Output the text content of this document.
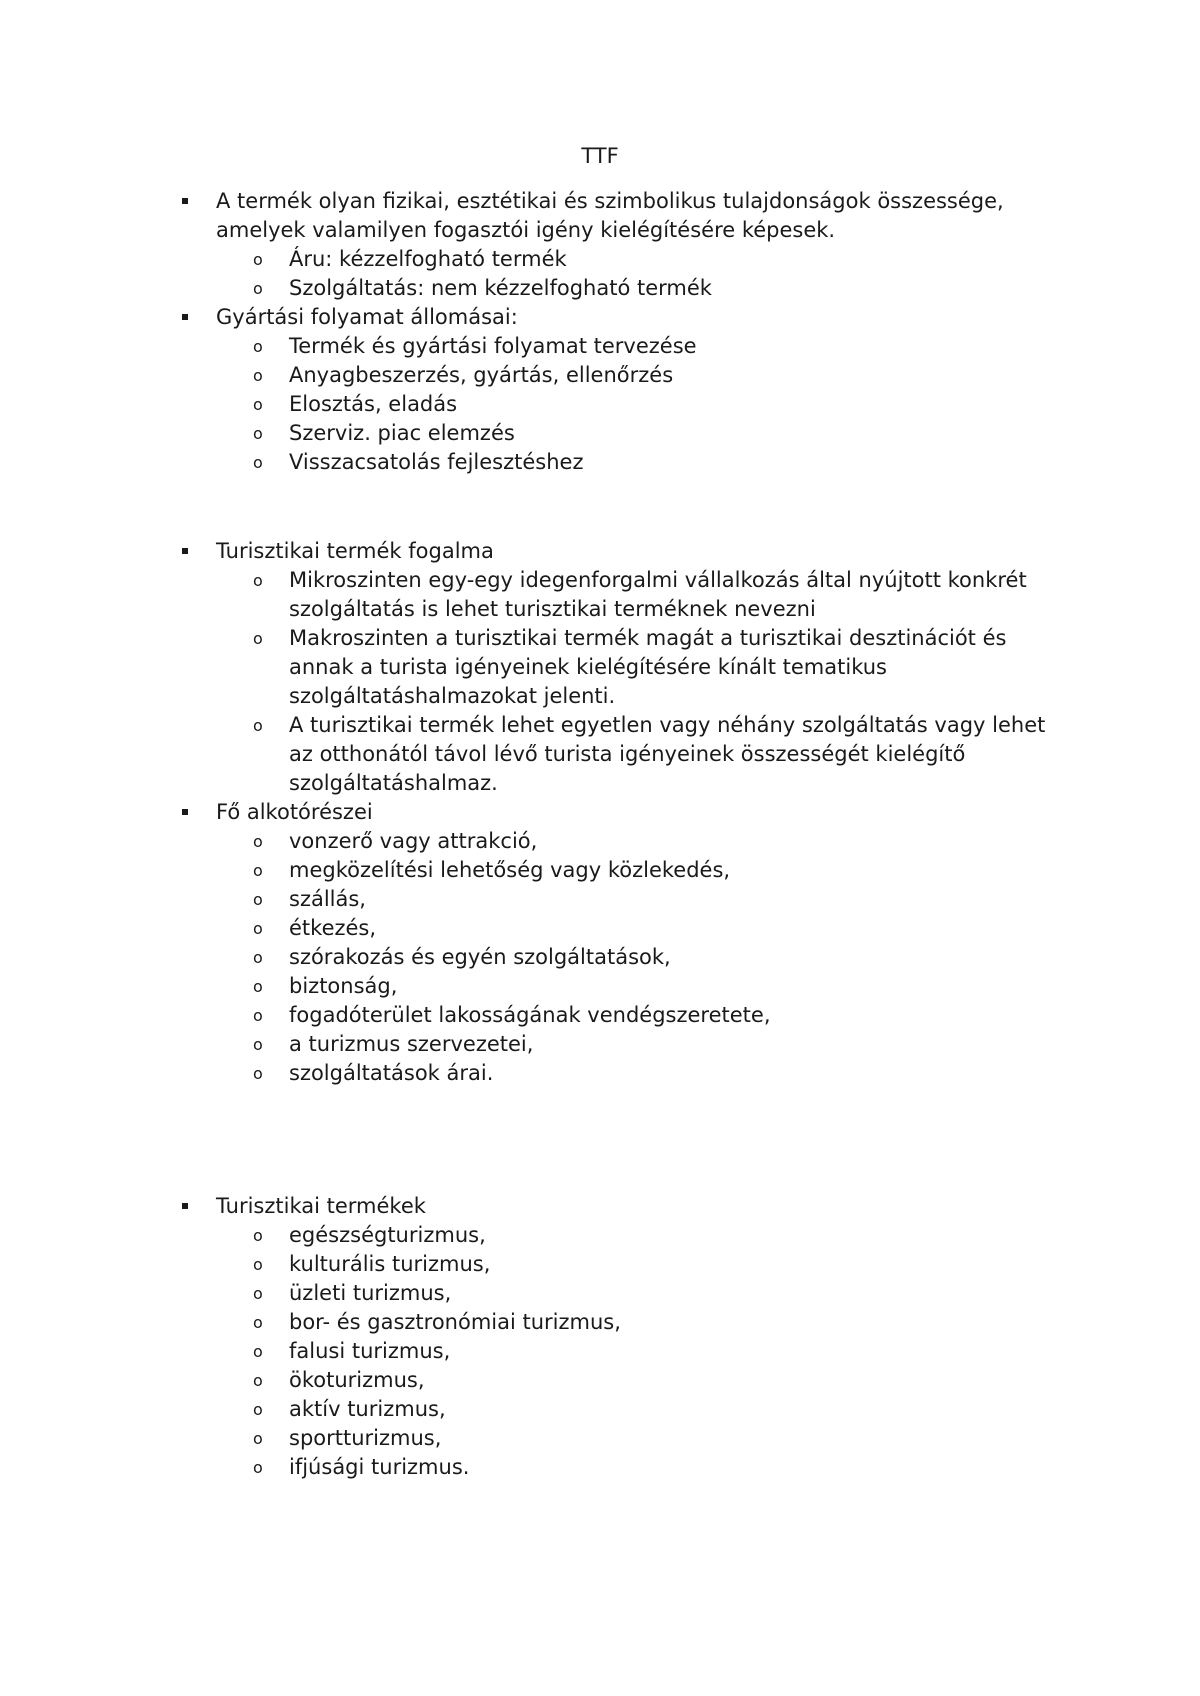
TTF

A termék olyan fizikai, esztétikai és szimbolikus tulajdonságok összessége, amelyek valamilyen fogasztói igény kielégítésére képesek.

o Áru: kézzelfogható termék

o Szolgáltatás: nem kézzelfogható termék

Gyártási folyamat állomásai:

o Termék és gyártási folyamat tervezése

o Anyagbeszerzés, gyártás, ellenőrzés

o Elosztás, eladás

o Szerviz. piac elemzés

o Visszacsatolás fejlesztéshez

Turisztikai termék fogalma

o Mikroszinten egy-egy idegenforgalmi vállalkozás által nyújtott konkrét szolgáltatás is lehet turisztikai terméknek nevezni

o Makroszinten a turisztikai termék magát a turisztikai desztinációt és annak a turista igényeinek kielégítésére kínált tematikus szolgáltatáshalmazokat jelenti.

o A turisztikai termék lehet egyetlen vagy néhány szolgáltatás vagy lehet az otthonától távol lévő turista igényeinek összességét kielégítő szolgáltatáshalmaz.

Fő alkotórészei

o vonzerő vagy attrakció,

o megközelítési lehetőség vagy közlekedés,

o szállás,

o étkezés,

o szórakozás és egyén szolgáltatások,

o biztonság,

o fogadóterület lakosságának vendégszeretete,

o a turizmus szervezetei,

o szolgáltatások árai.

Turisztikai termékek

o egészségturizmus,

o kulturális turizmus,

o üzleti turizmus,

o bor- és gasztronómiai turizmus,

o falusi turizmus,

o ökoturizmus,

o aktív turizmus,

o sportturizmus,

o ifjúsági turizmus.
